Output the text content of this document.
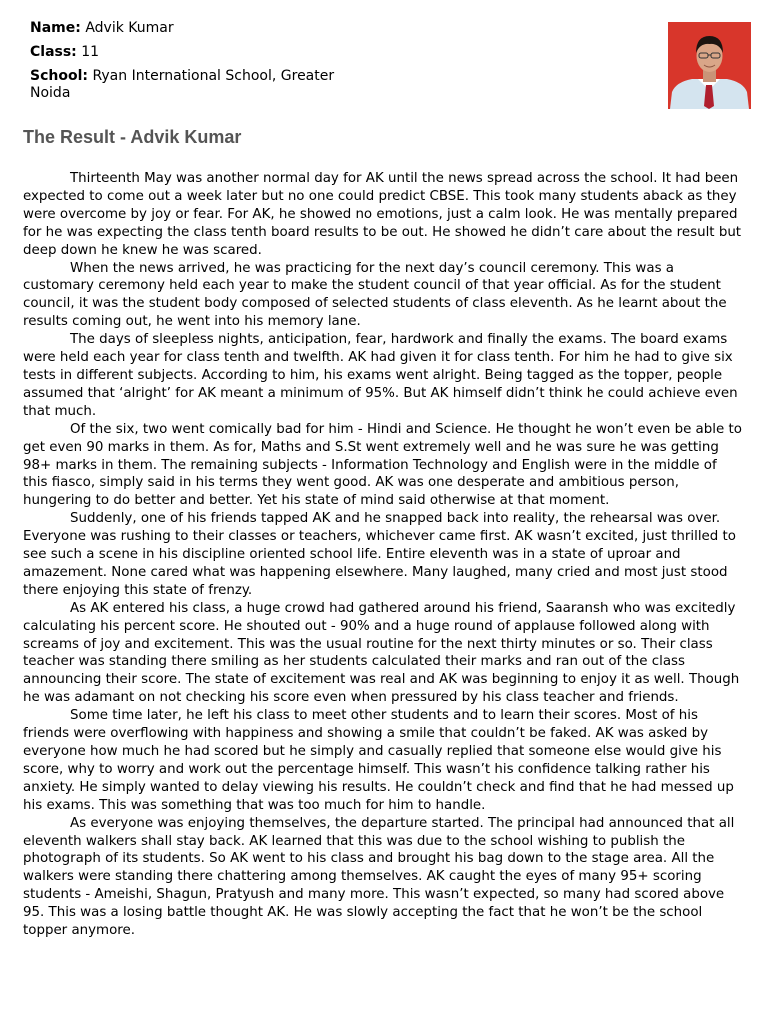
Name: Advik Kumar
Class: 11
School: Ryan International School, Greater Noida
The Result - Advik Kumar

Thirteenth May was another normal day for AK until the news spread across the school. It had been expected to come out a week later but no one could predict CBSE. This took many students aback as they were overcome by joy or fear. For AK, he showed no emotions, just a calm look. He was mentally prepared for he was expecting the class tenth board results to be out. He showed he didn’t care about the result but deep down he knew he was scared.

When the news arrived, he was practicing for the next day’s council ceremony. This was a customary ceremony held each year to make the student council of that year official. As for the student council, it was the student body composed of selected students of class eleventh. As he learnt about the results coming out, he went into his memory lane.

The days of sleepless nights, anticipation, fear, hardwork and finally the exams. The board exams were held each year for class tenth and twelfth. AK had given it for class tenth. For him he had to give six tests in different subjects. According to him, his exams went alright. Being tagged as the topper, people assumed that ‘alright’ for AK meant a minimum of 95%. But AK himself didn’t think he could achieve even that much.

Of the six, two went comically bad for him - Hindi and Science. He thought he won’t even be able to get even 90 marks in them. As for, Maths and S.St went extremely well and he was sure he was getting 98+ marks in them. The remaining subjects - Information Technology and English were in the middle of this fiasco, simply said in his terms they went good. AK was one desperate and ambitious person, hungering to do better and better. Yet his state of mind said otherwise at that moment.

Suddenly, one of his friends tapped AK and he snapped back into reality, the rehearsal was over. Everyone was rushing to their classes or teachers, whichever came first. AK wasn’t excited, just thrilled to see such a scene in his discipline oriented school life. Entire eleventh was in a state of uproar and amazement. None cared what was happening elsewhere. Many laughed, many cried and most just stood there enjoying this state of frenzy.

As AK entered his class, a huge crowd had gathered around his friend, Saaransh who was excitedly calculating his percent score. He shouted out - 90% and a huge round of applause followed along with screams of joy and excitement. This was the usual routine for the next thirty minutes or so. Their class teacher was standing there smiling as her students calculated their marks and ran out of the class announcing their score. The state of excitement was real and AK was beginning to enjoy it as well. Though he was adamant on not checking his score even when pressured by his class teacher and friends.

Some time later, he left his class to meet other students and to learn their scores. Most of his friends were overflowing with happiness and showing a smile that couldn’t be faked. AK was asked by everyone how much he had scored but he simply and casually replied that someone else would give his score, why to worry and work out the percentage himself. This wasn’t his confidence talking rather his anxiety. He simply wanted to delay viewing his results. He couldn’t check and find that he had messed up his exams. This was something that was too much for him to handle.

As everyone was enjoying themselves, the departure started. The principal had announced that all eleventh walkers shall stay back. AK learned that this was due to the school wishing to publish the photograph of its students. So AK went to his class and brought his bag down to the stage area. All the walkers were standing there chattering among themselves. AK caught the eyes of many 95+ scoring students - Ameishi, Shagun, Pratyush and many more. This wasn’t expected, so many had scored above 95. This was a losing battle thought AK. He was slowly accepting the fact that he won’t be the school topper anymore.
